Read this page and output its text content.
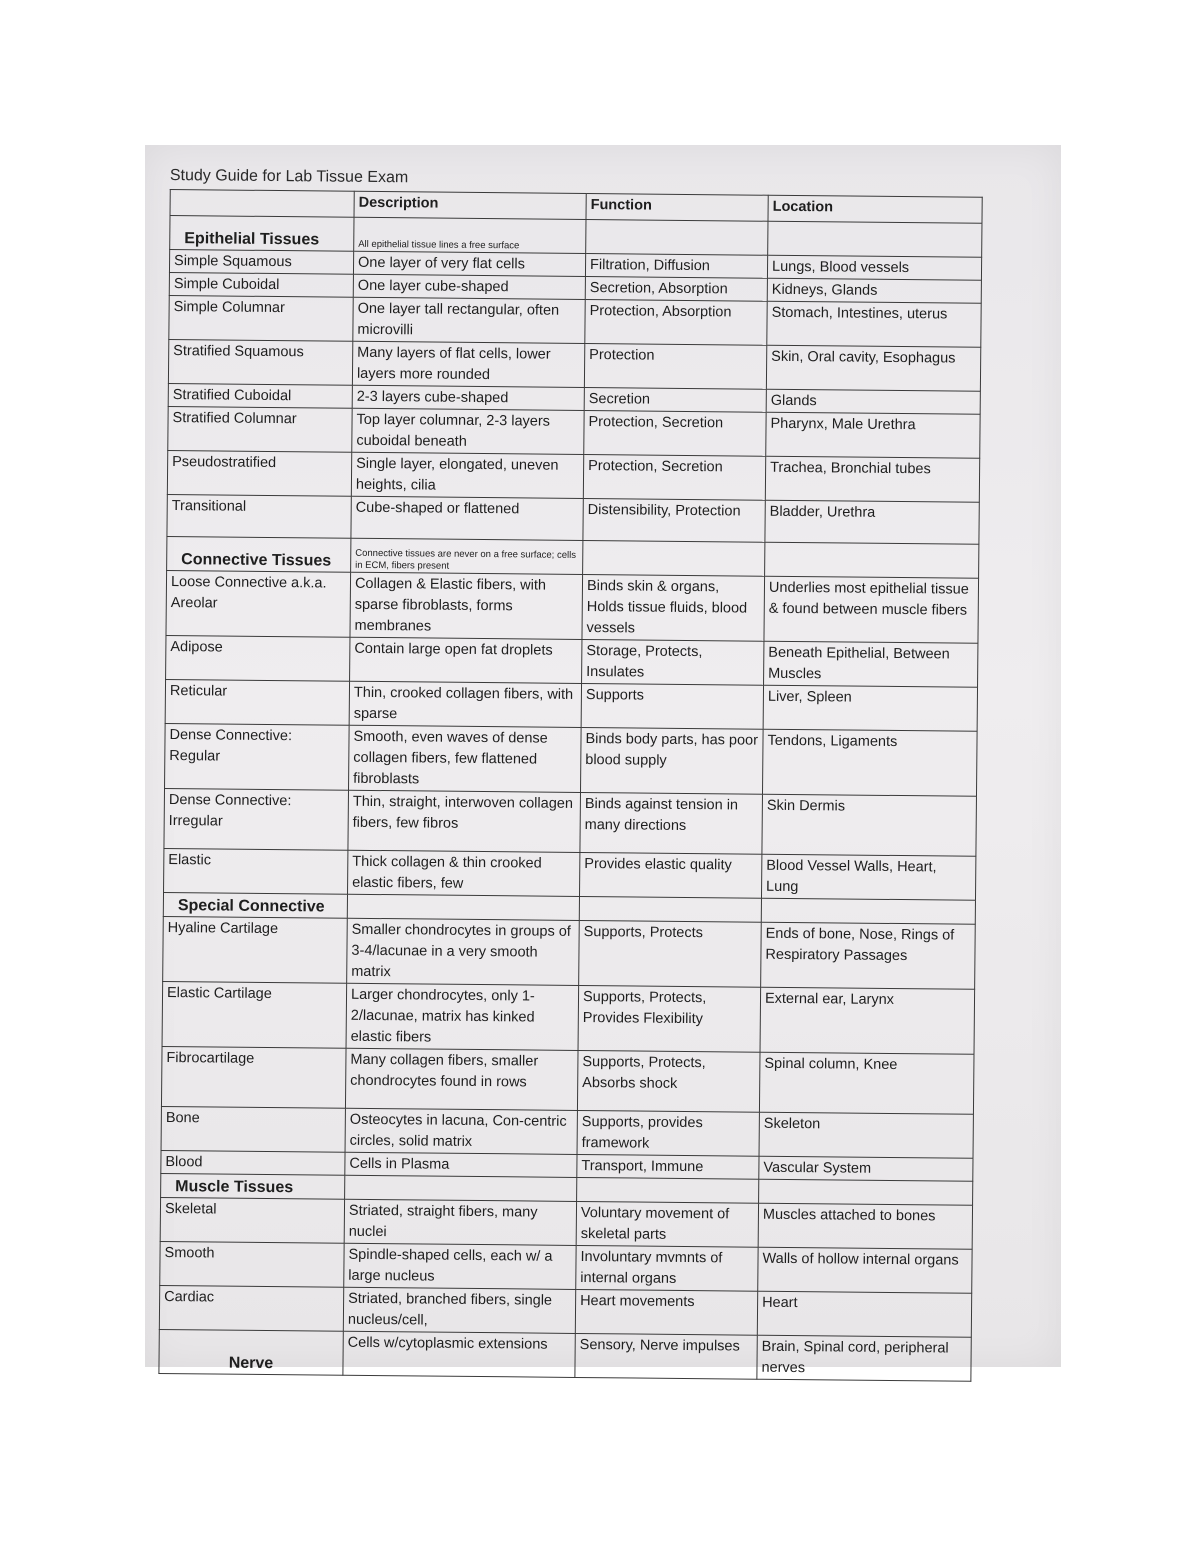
Study Guide for Lab Tissue Exam
	Description	Function	Location
Epithelial Tissues	All epithelial tissue lines a free surface		
Simple Squamous	One layer of very flat cells	Filtration, Diffusion	Lungs, Blood vessels
Simple Cuboidal	One layer cube-shaped	Secretion, Absorption	Kidneys, Glands
Simple Columnar	One layer tall rectangular, often microvilli	Protection, Absorption	Stomach, Intestines, uterus
Stratified Squamous	Many layers of flat cells, lower layers more rounded	Protection	Skin, Oral cavity, Esophagus
Stratified Cuboidal	2-3 layers cube-shaped	Secretion	Glands
Stratified Columnar	Top layer columnar, 2-3 layers cuboidal beneath	Protection, Secretion	Pharynx, Male Urethra
Pseudostratified	Single layer, elongated, uneven heights, cilia	Protection, Secretion	Trachea, Bronchial tubes
Transitional	Cube-shaped or flattened	Distensibility, Protection	Bladder, Urethra
Connective Tissues	Connective tissues are never on a free surface; cells in ECM, fibers present		
Loose Connective a.k.a. Areolar	Collagen & Elastic fibers, with sparse fibroblasts, forms membranes	Binds skin & organs, Holds tissue fluids, blood vessels	Underlies most epithelial tissue & found between muscle fibers
Adipose	Contain large open fat droplets	Storage, Protects, Insulates	Beneath Epithelial, Between Muscles
Reticular	Thin, crooked collagen fibers, with sparse	Supports	Liver, Spleen
Dense Connective: Regular	Smooth, even waves of dense collagen fibers, few flattened fibroblasts	Binds body parts, has poor blood supply	Tendons, Ligaments
Dense Connective: Irregular	Thin, straight, interwoven collagen fibers, few fibros	Binds against tension in many directions	Skin Dermis
Elastic	Thick collagen & thin crooked elastic fibers, few	Provides elastic quality	Blood Vessel Walls, Heart, Lung
Special Connective			
Hyaline Cartilage	Smaller chondrocytes in groups of 3-4/lacunae in a very smooth matrix	Supports, Protects	Ends of bone, Nose, Rings of Respiratory Passages
Elastic Cartilage	Larger chondrocytes, only 1-2/lacunae, matrix has kinked elastic fibers	Supports, Protects, Provides Flexibility	External ear, Larynx
Fibrocartilage	Many collagen fibers, smaller chondrocytes found in rows	Supports, Protects, Absorbs shock	Spinal column, Knee
Bone	Osteocytes in lacuna, Con-centric circles, solid matrix	Supports, provides framework	Skeleton
Blood	Cells in Plasma	Transport, Immune	Vascular System
Muscle Tissues			
Skeletal	Striated, straight fibers, many nuclei	Voluntary movement of skeletal parts	Muscles attached to bones
Smooth	Spindle-shaped cells, each w/ a large nucleus	Involuntary mvmnts of internal organs	Walls of hollow internal organs
Cardiac	Striated, branched fibers, single nucleus/cell,	Heart movements	Heart
Nerve	Cells w/cytoplasmic extensions	Sensory, Nerve impulses	Brain, Spinal cord, peripheral nerves
